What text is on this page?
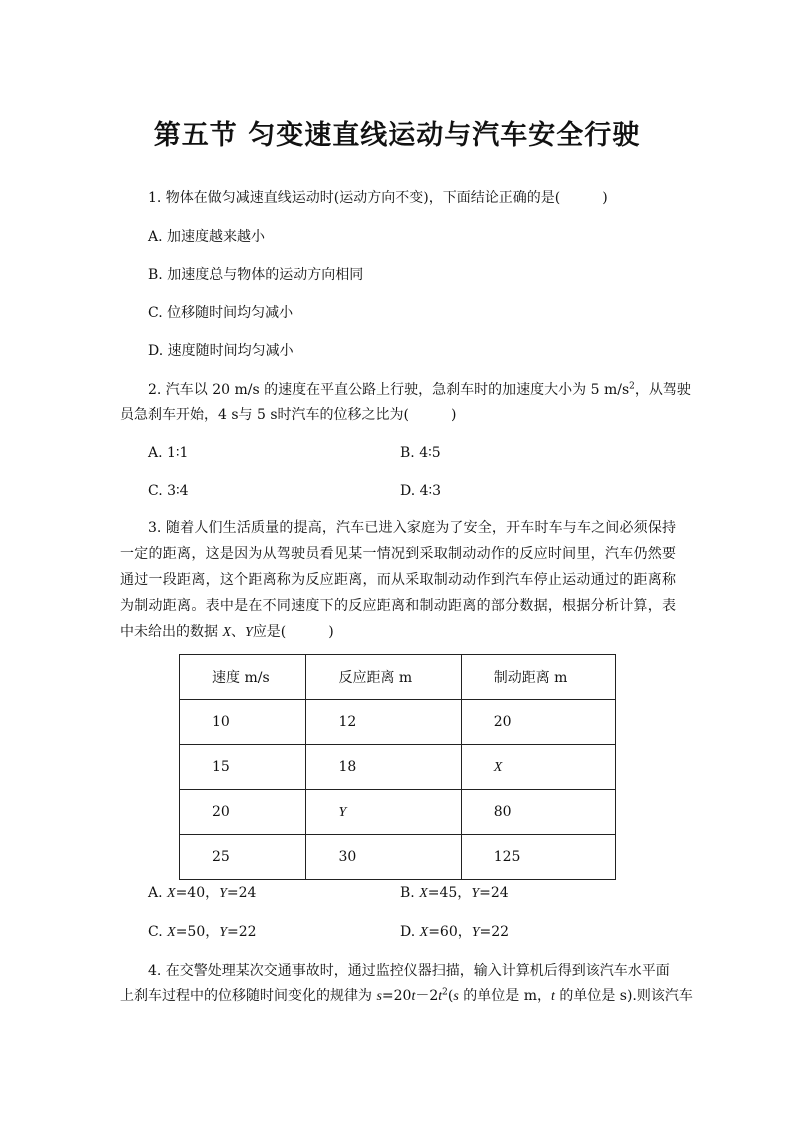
第五节 匀变速直线运动与汽车安全行驶
1. 物体在做匀减速直线运动时(运动方向不变)，下面结论正确的是(　　　)
A. 加速度越来越小
B. 加速度总与物体的运动方向相同
C. 位移随时间均匀减小
D. 速度随时间均匀减小
2. 汽车以 20 m/s 的速度在平直公路上行驶，急刹车时的加速度大小为 5 $m/s^2$，从驾驶
员急刹车开始，4 s与 5 s时汽车的位移之比为(　　　)
A. 1∶1	B. 4∶5
C. 3∶4	D. 4∶3

3. 随着人们生活质量的提高，汽车已进入家庭为了安全，开车时车与车之间必须保持一定的距离，这是因为从驾驶员看见某一情况到采取制动动作的反应时间里，汽车仍然要通过一段距离，这个距离称为反应距离，而从采取制动动作到汽车停止运动通过的距离称为制动距离。表中是在不同速度下的反应距离和制动距离的部分数据，根据分析计算，表中未给出的数据 X、Y应是(　　　)

速度 m/s	反应距离 m	制动距离 m
10	12	20
15	18	X
20	Y	80
25	30	125
A. X=40，Y=24	B. X=45，Y=24
C. X=50，Y=22	D. X=60，Y=22
4. 在交警处理某次交通事故时，通过监控仪器扫描，输入计算机后得到该汽车水平面
上刹车过程中的位移随时间变化的规律为 $s=20t-2t^2(s$ 的单位是 m，t 的单位是 s).则该汽车
